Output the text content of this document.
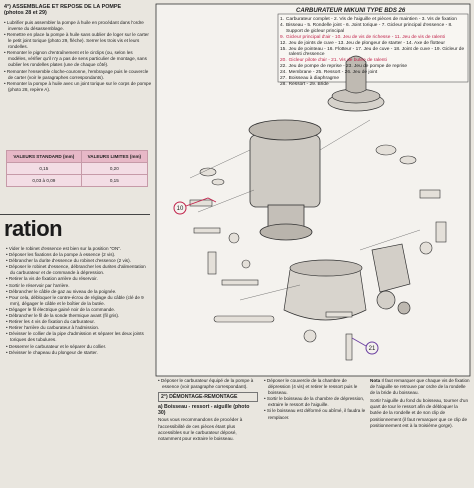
4°) ASSEMBLAGE ET REPOSE DE LA POMPE
(photos 28 et 29)
• Lubrifier puis assembler la pompe à huile en procédant dans l'ordre inverse du désassemblage.
• Remettre en place la pompe à huile sans oublier de loger sur le carter le petit joint torique (photo 29, flèche). Serrer les trois vis et leurs rondelles.
• Remonter le pignon d'entraînement et le circlips (ou, selon les modèles, vérifier qu'il n'y a pas de sens particulier de montage, sans oublier les rondelles plates (une de chaque côté).
• Remonter l'ensemble cloche-couronne, l'embrayage puis le couvercle de carter (voir le paragraphes correspondants).
• Remonter la pompe à huile avec un joint torique sur le corps de pompe (photo 28, repère A).
VALEURS STANDARD (mm)	VALEURS LIMITES (mm)
0,15	0,20
0,03 à 0,09	0,15
ration
• Vider le robinet d'essence est bien sur la position "ON".
• Déposer les fixations de la pompe à essence (2 vis).
• Débrancher la durite d'essence du robinet d'essence (2 vis).
• Déposer le robinet d'essence, débrancher les durites d'alimentation du carburateur et de commande à dépression.
• Retirer la vis de fixation arrière du réservoir.
• Sortir le réservoir par l'arrière.
• Débrancher le câble de gaz au niveau de la poignée.
• Pour cela, débloquer le contre-écrou de réglage du câble (clé de 9 mm), dégager le câble et le boîtier de la butée.
• Dégager le fil électrique gainé noir de la commande.
• Débrancher le fil de la sonde thermique avant (fil gris).
• Retirer les 4 vis de fixation du carburateur.
• Retirer l'arrière du carburateur à l'admission.
• Dévisser le collier de la pipe d'admission et séparer les deux joints toriques des tubulures.
• Desserrer le carburateur et le séparer du collier.
• Dévisser le chapeau du plongeur de starter.
10
21
CARBURATEUR MIKUNI TYPE BDS 26
1. Carburateur complet - 2. Vis de l'aiguille et pièces de maintien - 3. Vis de fixation
4. Bisseau - 5. Rondelle joint - 6. Joint torique - 7. Gicleur principal d'essence - 8. Support de gicleur principal
9. Gicleur principal d'air - 10. Jeu de vis de richesse - 11. Jeu de vis de ralenti
12. Jeu de joints de cuve - 13. Jeu de plongeur de starter - 14. Axe de flotteur
15. Jeu de pointeau - 16. Flotteur - 17. Jeu de cuve - 18. Joint de cuve - 19. Gicleur de ralenti d'essence
20. Gicleur pilote d'air - 21. Vis de butée de ralenti
22. Jeu de pompe de reprise - 23. Jeu de pompe de reprise
24. Membrane - 25. Ressort - 26. Jeu de joint
27. Boisseau à diaphragme
28. Ressort - 29. Bride
• Déposer le carburateur équipé de la pompe à essence (voir paragraphe correspondant).
2°) DÉMONTAGE-REMONTAGE
a) Boisseau - ressort - aiguille (photo 30)
Nous vous recommandons de procéder à l'accessibilité de ces pièces étant plus accessibles sur le carburateur déposé, notamment pour extraire le boisseau.
• Déposer le couvercle de la chambre de dépression (4 vis) et retirer le ressort puis le boisseau.
• Sortir le boisseau de la chambre de dépression, extraire le ressort de l'aiguille.
• Si le boisseau est déformé ou abîmé, il faudra le remplacer.
Nota Il faut remarquer que chaque vis de fixation de l'aiguille se retrouve par ordre de la rondelle de la bride du boisseau.
Sortir l'aiguille du fond du boisseau, tourner d'un quart de tour le ressort afin de débloquer la butée de la rondelle et de son clip de positionnement (il faut remarquer que ce clip de positionnement est à la troisième gorge).
